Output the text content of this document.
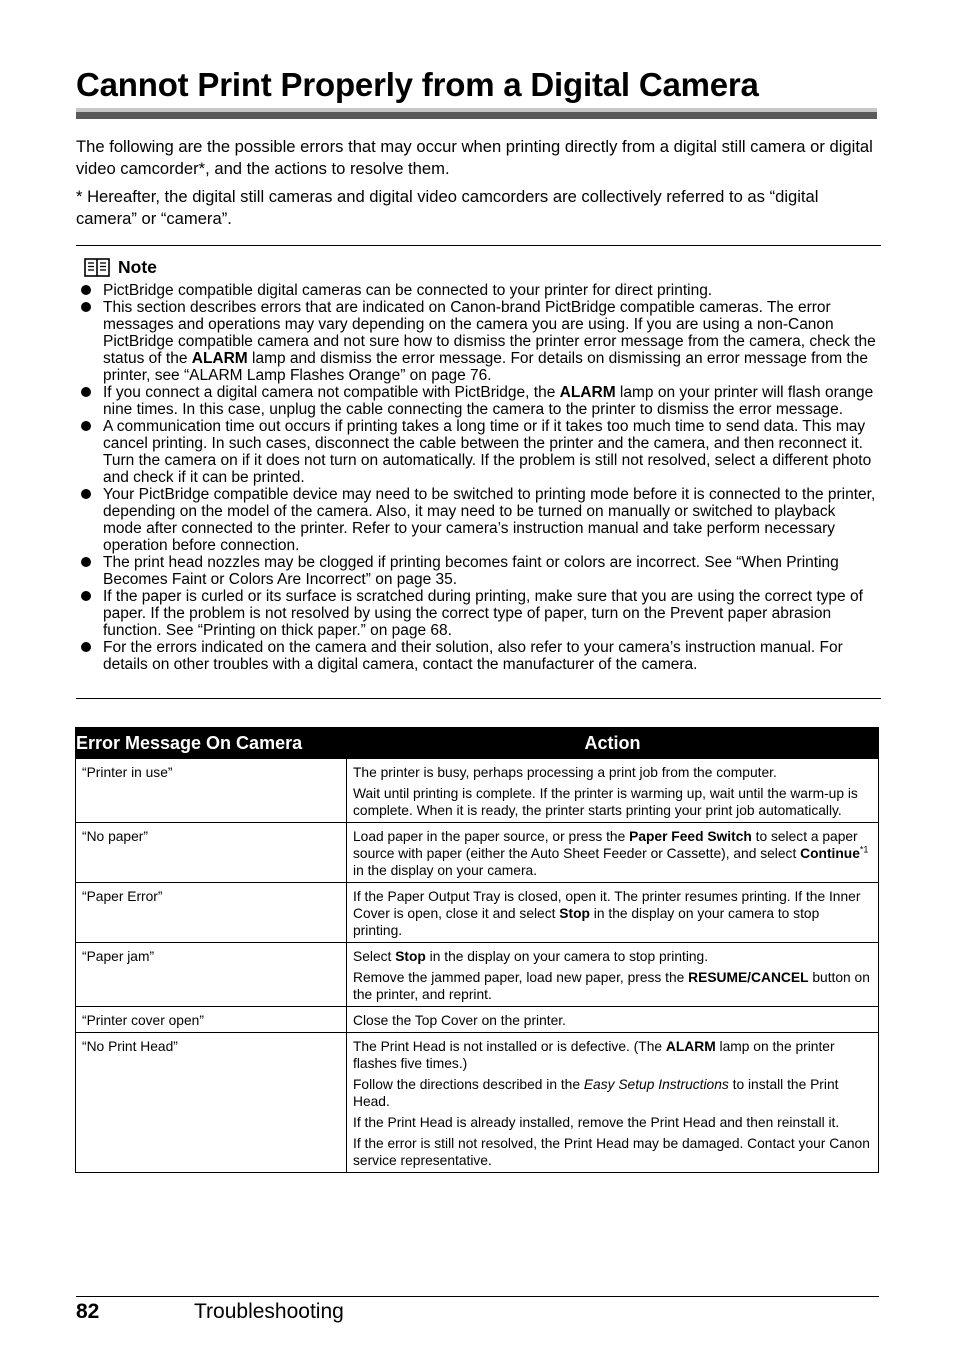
Cannot Print Properly from a Digital Camera

The following are the possible errors that may occur when printing directly from a digital still camera or digital video camcorder*, and the actions to resolve them.

* Hereafter, the digital still cameras and digital video camcorders are collectively referred to as “digital camera” or “camera”.

Note
PictBridge compatible digital cameras can be connected to your printer for direct printing.
This section describes errors that are indicated on Canon-brand PictBridge compatible cameras. The error messages and operations may vary depending on the camera you are using. If you are using a non-Canon PictBridge compatible camera and not sure how to dismiss the printer error message from the camera, check the status of the ALARM lamp and dismiss the error message. For details on dismissing an error message from the printer, see “ALARM Lamp Flashes Orange” on page 76.
If you connect a digital camera not compatible with PictBridge, the ALARM lamp on your printer will flash orange nine times. In this case, unplug the cable connecting the camera to the printer to dismiss the error message.
A communication time out occurs if printing takes a long time or if it takes too much time to send data. This may cancel printing. In such cases, disconnect the cable between the printer and the camera, and then reconnect it. Turn the camera on if it does not turn on automatically. If the problem is still not resolved, select a different photo and check if it can be printed.
Your PictBridge compatible device may need to be switched to printing mode before it is connected to the printer, depending on the model of the camera. Also, it may need to be turned on manually or switched to playback mode after connected to the printer. Refer to your camera’s instruction manual and take perform necessary operation before connection.
The print head nozzles may be clogged if printing becomes faint or colors are incorrect. See “When Printing Becomes Faint or Colors Are Incorrect” on page 35.
If the paper is curled or its surface is scratched during printing, make sure that you are using the correct type of paper. If the problem is not resolved by using the correct type of paper, turn on the Prevent paper abrasion function. See “Printing on thick paper.” on page 68.
For the errors indicated on the camera and their solution, also refer to your camera’s instruction manual. For details on other troubles with a digital camera, contact the manufacturer of the camera.
Error Message On Camera	Action
“Printer in use”	The printer is busy, perhaps processing a print job from the computer.

Wait until printing is complete. If the printer is warming up, wait until the warm-up is complete. When it is ready, the printer starts printing your print job automatically.

“No paper”	Load paper in the paper source, or press the Paper Feed Switch to select a paper source with paper (either the Auto Sheet Feeder or Cassette), and select Continue$^{*1}$ in the display on your camera.

“Paper Error”	If the Paper Output Tray is closed, open it. The printer resumes printing. If the Inner Cover is open, close it and select Stop in the display on your camera to stop printing.

“Paper jam”	Select Stop in the display on your camera to stop printing.

Remove the jammed paper, load new paper, press the RESUME/CANCEL button on the printer, and reprint.

“Printer cover open”	Close the Top Cover on the printer.

“No Print Head”	The Print Head is not installed or is defective. (The ALARM lamp on the printer flashes five times.)

Follow the directions described in the Easy Setup Instructions to install the Print Head.

If the Print Head is already installed, remove the Print Head and then reinstall it.

If the error is still not resolved, the Print Head may be damaged. Contact your Canon service representative.

82	Troubleshooting
